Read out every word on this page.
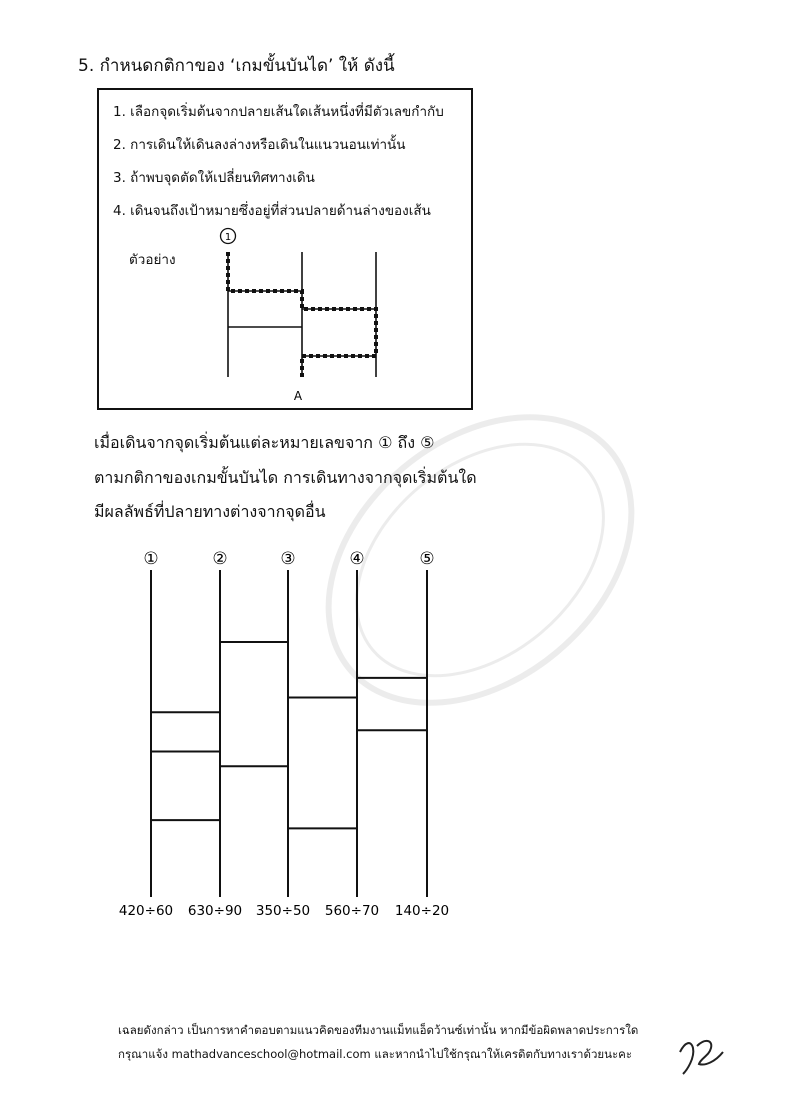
5. กำหนดกติกาของ ‘เกมขั้นบันได’ ให้ ดังนี้
1. เลือกจุดเริ่มต้นจากปลายเส้นใดเส้นหนึ่งที่มีตัวเลขกำกับ
2. การเดินให้เดินลงล่างหรือเดินในแนวนอนเท่านั้น
3. ถ้าพบจุดตัดให้เปลี่ยนทิศทางเดิน
4. เดินจนถึงเป้าหมายซึ่งอยู่ที่ส่วนปลายด้านล่างของเส้น
ตัวอย่าง
1
A
เมื่อเดินจากจุดเริ่มต้นแต่ละหมายเลขจาก ① ถึง ⑤
ตามกติกาของเกมขั้นบันได การเดินทางจากจุดเริ่มต้นใด
มีผลลัพธ์ที่ปลายทางต่างจากจุดอื่น
①
420÷60
②
630÷90
③
350÷50
④
560÷70
⑤
140÷20
เฉลยดังกล่าว เป็นการหาคำตอบตามแนวคิดของทีมงานแม็ทแอ็ดว้านซ์เท่านั้น หากมีข้อผิดพลาดประการใด
กรุณาแจ้ง mathadvanceschool@hotmail.com และหากนำไปใช้กรุณาให้เครดิตกับทางเราด้วยนะคะ
